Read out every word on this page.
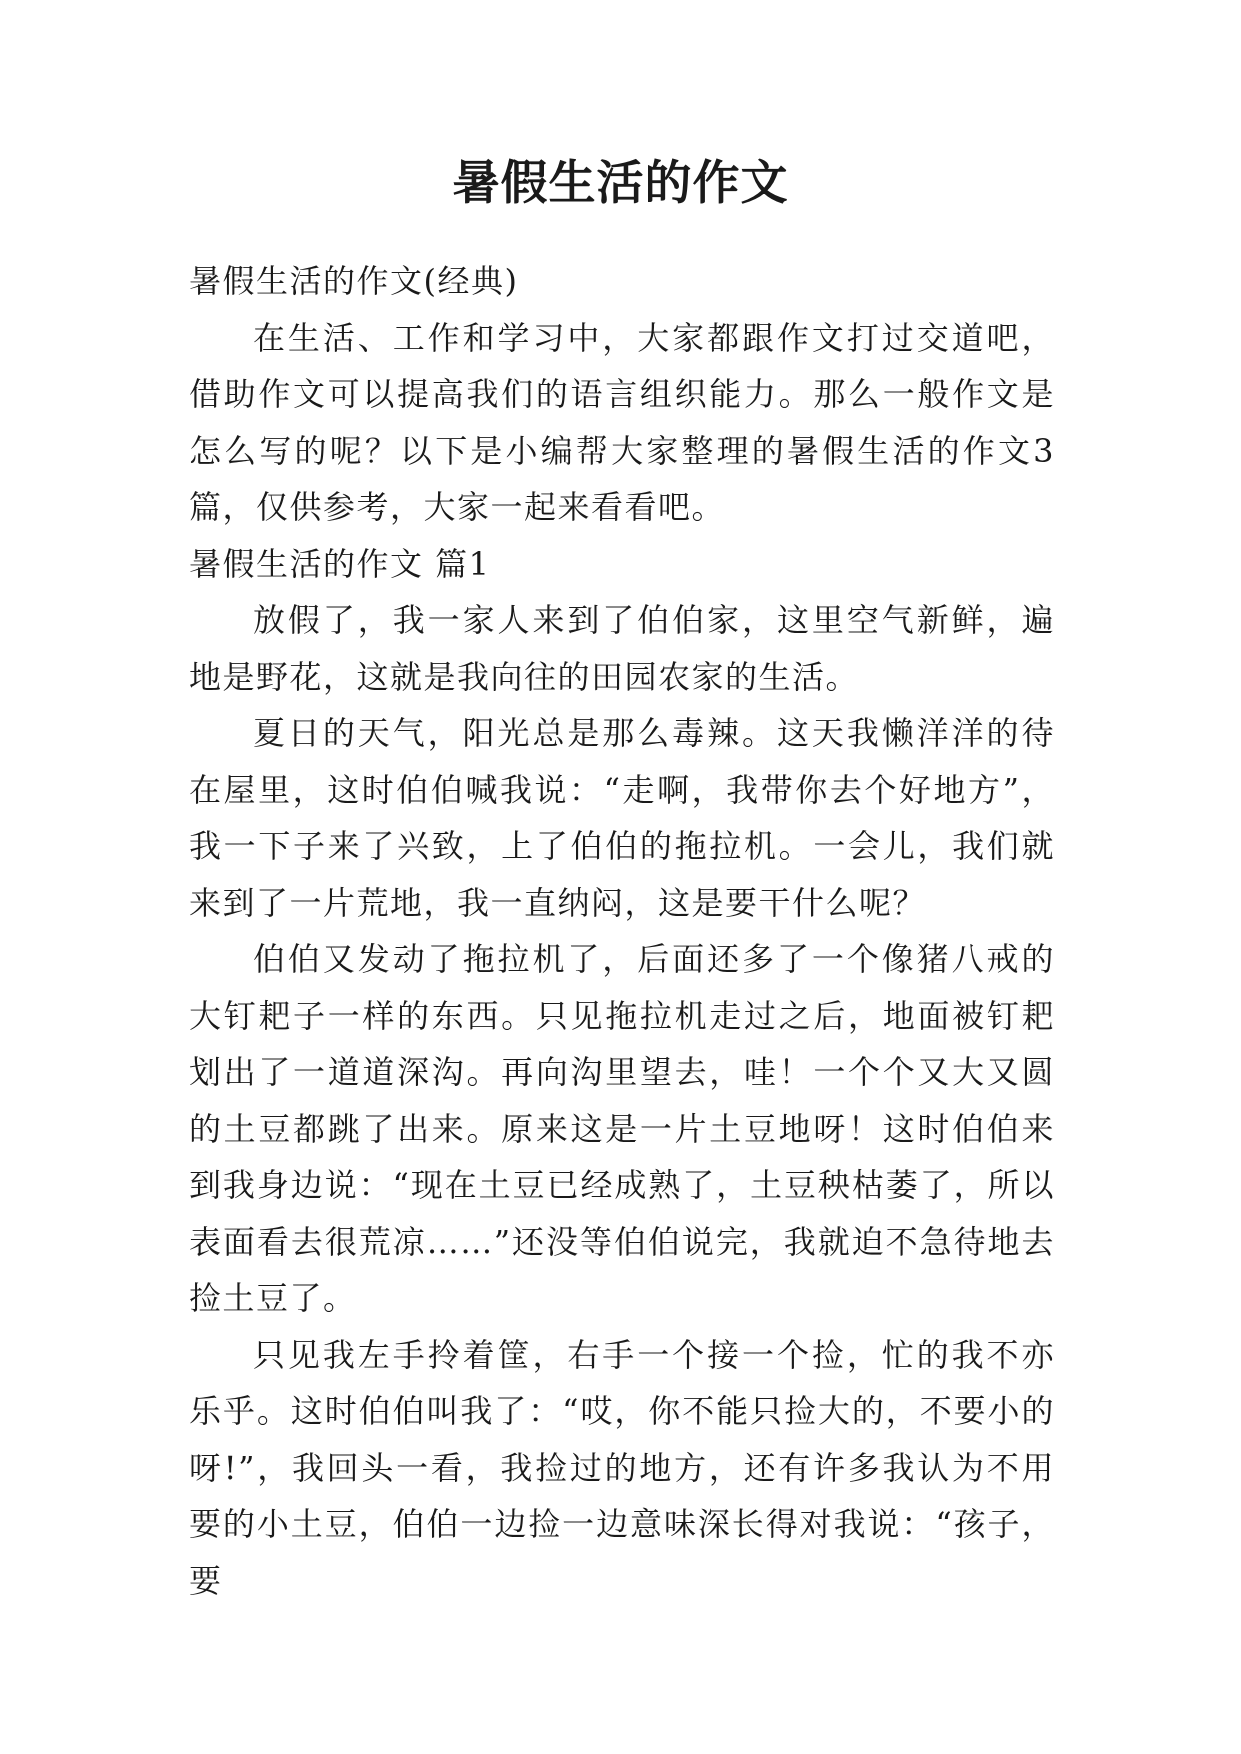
暑假生活的作文

暑假生活的作文(经典)

在生活、工作和学习中，大家都跟作文打过交道吧，借助作文可以提高我们的语言组织能力。那么一般作文是怎么写的呢？以下是小编帮大家整理的暑假生活的作文3篇，仅供参考，大家一起来看看吧。

暑假生活的作文 篇1

放假了，我一家人来到了伯伯家，这里空气新鲜，遍地是野花，这就是我向往的田园农家的生活。

夏日的天气，阳光总是那么毒辣。这天我懒洋洋的待在屋里，这时伯伯喊我说：“走啊，我带你去个好地方”，我一下子来了兴致，上了伯伯的拖拉机。一会儿，我们就来到了一片荒地，我一直纳闷，这是要干什么呢？

伯伯又发动了拖拉机了，后面还多了一个像猪八戒的大钉耙子一样的东西。只见拖拉机走过之后，地面被钉耙划出了一道道深沟。再向沟里望去，哇！一个个又大又圆的土豆都跳了出来。原来这是一片土豆地呀！这时伯伯来到我身边说：“现在土豆已经成熟了，土豆秧枯萎了，所以表面看去很荒凉……”还没等伯伯说完，我就迫不急待地去捡土豆了。

只见我左手拎着筐，右手一个接一个捡，忙的我不亦乐乎。这时伯伯叫我了：“哎，你不能只捡大的，不要小的呀!”，我回头一看，我捡过的地方，还有许多我认为不用要的小土豆，伯伯一边捡一边意味深长得对我说：“孩子，要
